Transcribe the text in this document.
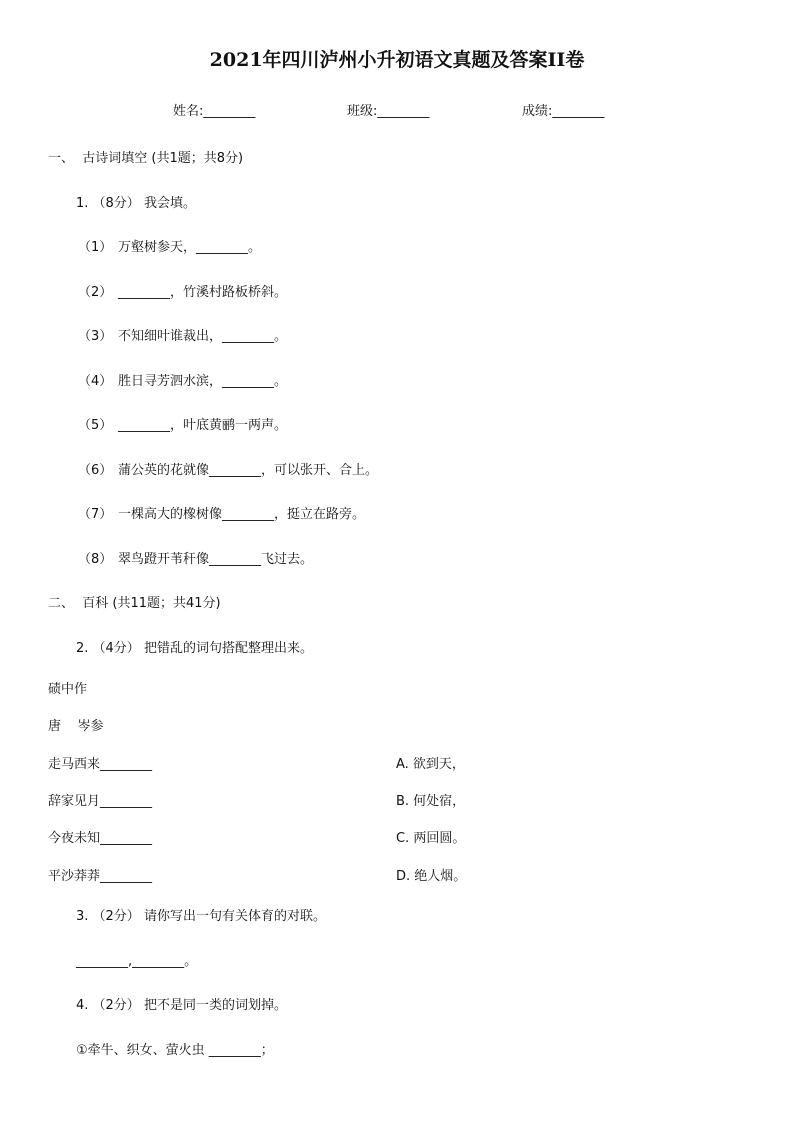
2021年四川泸州小升初语文真题及答案II卷
姓名:________	班级:________	成绩:________
一、  古诗词填空 (共1题；共8分)
1. （8分） 我会填。
（1） 万壑树参天，________。
（2） ________，竹溪村路板桥斜。
（3） 不知细叶谁裁出，________。
（4） 胜日寻芳泗水滨，________。
（5） ________，叶底黄鹂一两声。
（6） 蒲公英的花就像________，可以张开、合上。
（7） 一棵高大的橡树像________，挺立在路旁。
（8） 翠鸟蹬开苇秆像________飞过去。
二、  百科 (共11题；共41分)
2. （4分） 把错乱的词句搭配整理出来。
碛中作
唐    岑参
走马西来________	A. 欲到天，
辞家见月________	B. 何处宿，
今夜未知________	C. 两回圆。
平沙莽莽________	D. 绝人烟。
3. （2分） 请你写出一句有关体育的对联。
________,________。
4. （2分） 把不是同一类的词划掉。
①牵牛、织女、萤火虫 ________；
